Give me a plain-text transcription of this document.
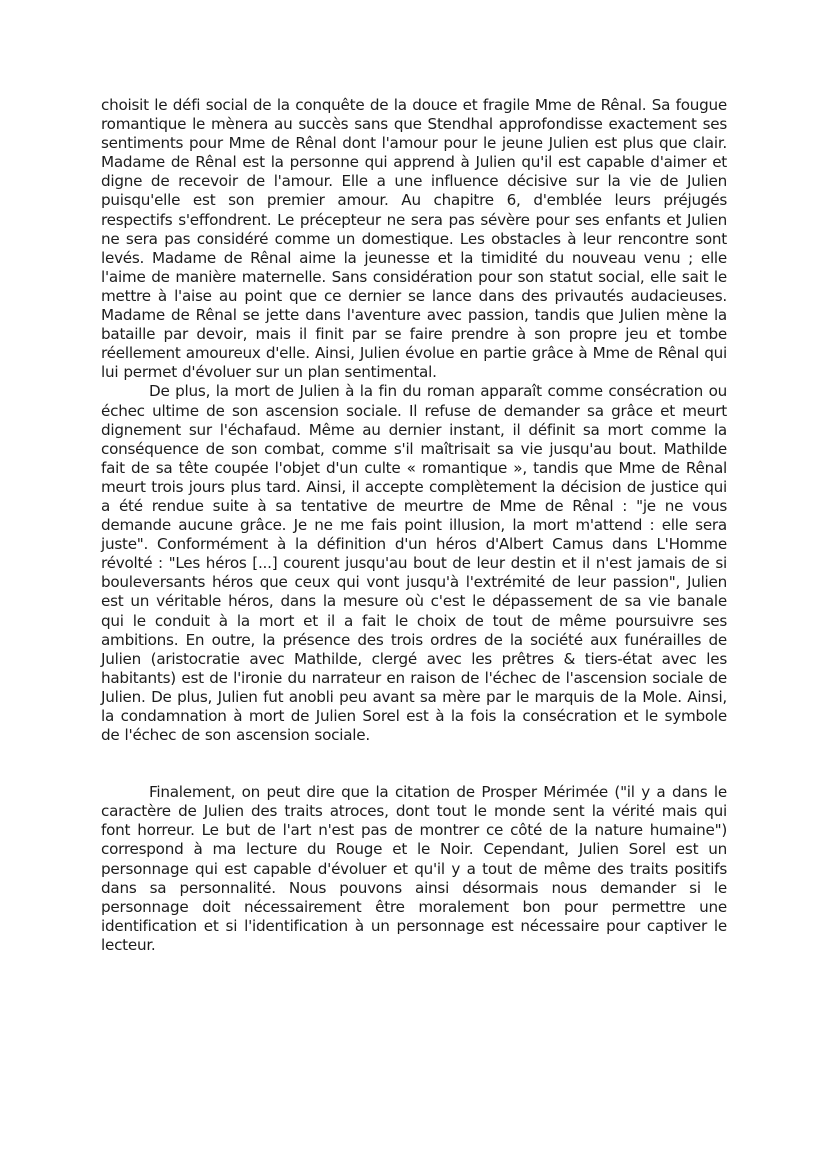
choisit le défi social de la conquête de la douce et fragile Mme de Rênal. Sa fougue romantique le mènera au succès sans que Stendhal approfondisse exactement ses sentiments pour Mme de Rênal dont l'amour pour le jeune Julien est plus que clair. Madame de Rênal est la personne qui apprend à Julien qu'il est capable d'aimer et digne de recevoir de l'amour. Elle a une influence décisive sur la vie de Julien puisqu'elle est son premier amour. Au chapitre 6, d'emblée leurs préjugés respectifs s'effondrent. Le précepteur ne sera pas sévère pour ses enfants et Julien ne sera pas considéré comme un domestique. Les obstacles à leur rencontre sont levés. Madame de Rênal aime la jeunesse et la timidité du nouveau venu ; elle l'aime de manière maternelle. Sans considération pour son statut social, elle sait le mettre à l'aise au point que ce dernier se lance dans des privautés audacieuses. Madame de Rênal se jette dans l'aventure avec passion, tandis que Julien mène la bataille par devoir, mais il finit par se faire prendre à son propre jeu et tombe réellement amoureux d'elle. Ainsi, Julien évolue en partie grâce à Mme de Rênal qui lui permet d'évoluer sur un plan sentimental.

De plus, la mort de Julien à la fin du roman apparaît comme consécration ou échec ultime de son ascension sociale. Il refuse de demander sa grâce et meurt dignement sur l'échafaud. Même au dernier instant, il définit sa mort comme la conséquence de son combat, comme s'il maîtrisait sa vie jusqu'au bout. Mathilde fait de sa tête coupée l'objet d'un culte « romantique », tandis que Mme de Rênal meurt trois jours plus tard. Ainsi, il accepte complètement la décision de justice qui a été rendue suite à sa tentative de meurtre de Mme de Rênal : "je ne vous demande aucune grâce. Je ne me fais point illusion, la mort m'attend : elle sera juste". Conformément à la définition d'un héros d'Albert Camus dans L'Homme révolté : "Les héros [...] courent jusqu'au bout de leur destin et il n'est jamais de si bouleversants héros que ceux qui vont jusqu'à l'extrémité de leur passion", Julien est un véritable héros, dans la mesure où c'est le dépassement de sa vie banale qui le conduit à la mort et il a fait le choix de tout de même poursuivre ses ambitions. En outre, la présence des trois ordres de la société aux funérailles de Julien (aristocratie avec Mathilde, clergé avec les prêtres & tiers-état avec les habitants) est de l'ironie du narrateur en raison de l'échec de l'ascension sociale de Julien. De plus, Julien fut anobli peu avant sa mère par le marquis de la Mole. Ainsi, la condamnation à mort de Julien Sorel est à la fois la consécration et le symbole de l'échec de son ascension sociale.

Finalement, on peut dire que la citation de Prosper Mérimée ("il y a dans le caractère de Julien des traits atroces, dont tout le monde sent la vérité mais qui font horreur. Le but de l'art n'est pas de montrer ce côté de la nature humaine") correspond à ma lecture du Rouge et le Noir. Cependant, Julien Sorel est un personnage qui est capable d'évoluer et qu'il y a tout de même des traits positifs dans sa personnalité. Nous pouvons ainsi désormais nous demander si le personnage doit nécessairement être moralement bon pour permettre une identification et si l'identification à un personnage est nécessaire pour captiver le lecteur.
